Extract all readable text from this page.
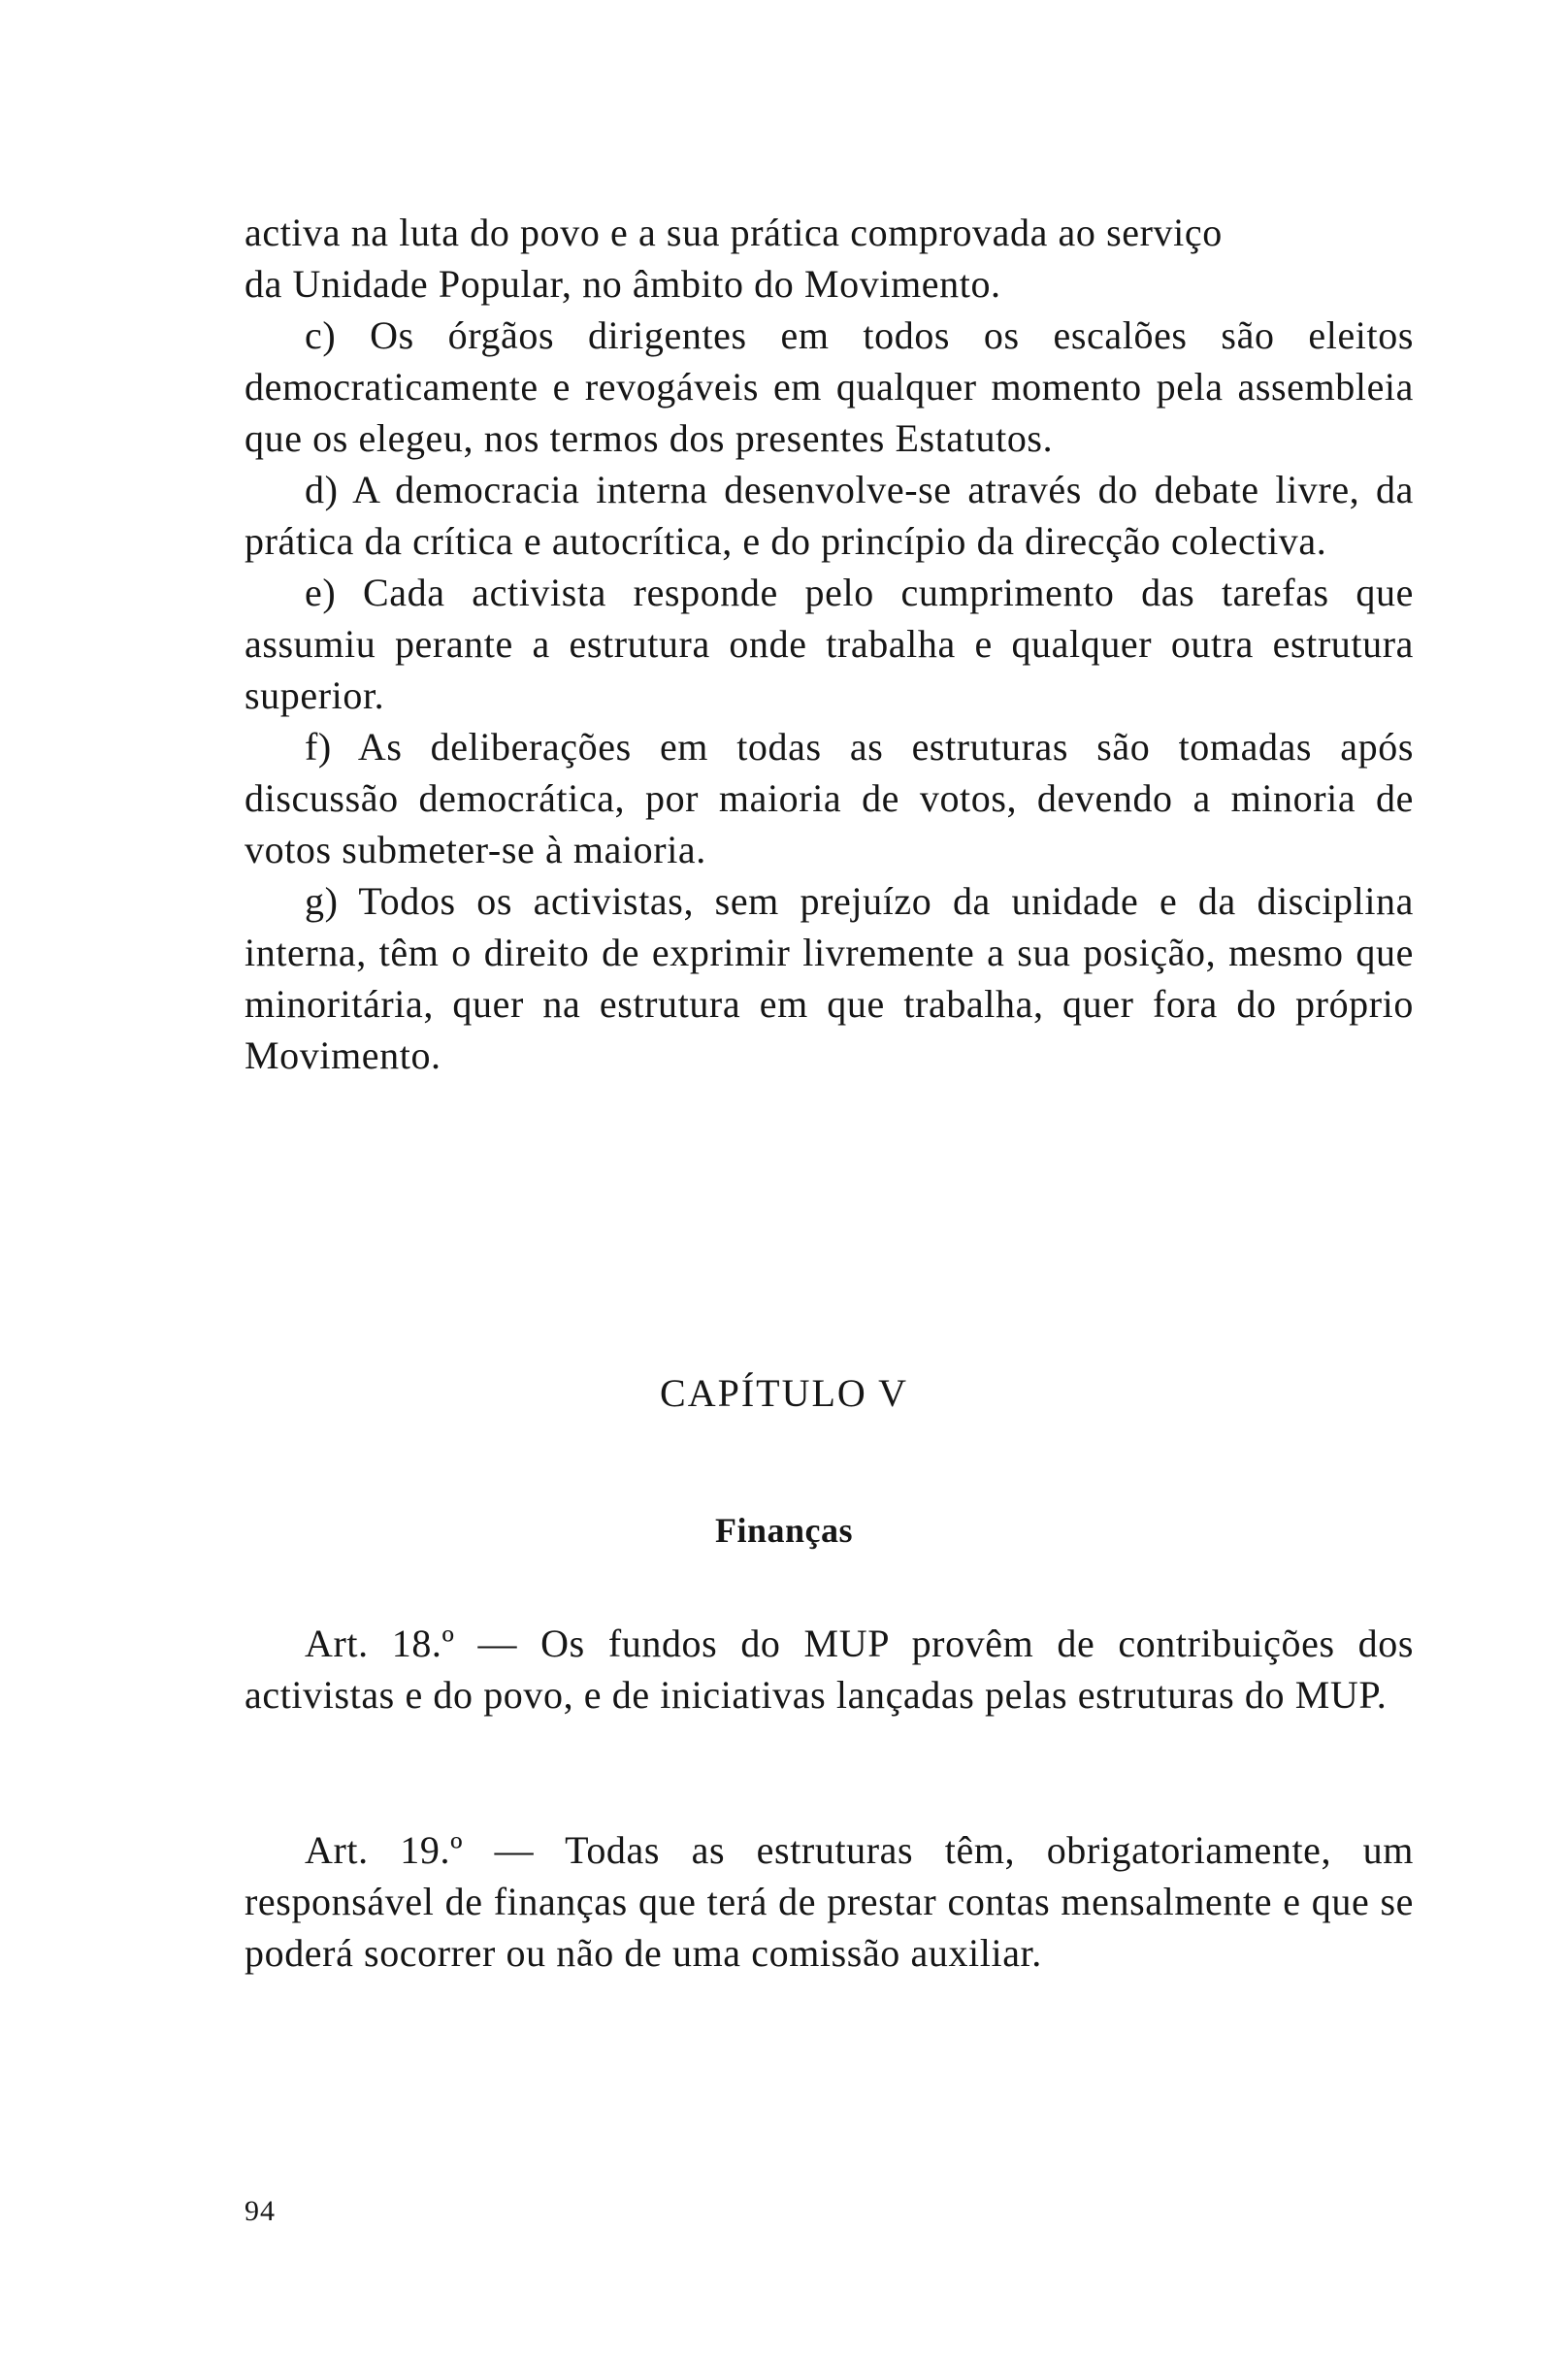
activa na luta do povo e a sua prática comprovada ao serviço
da Unidade Popular, no âmbito do Movimento.

c) Os órgãos dirigentes em todos os escalões são eleitos democraticamente e revogáveis em qualquer momento pela assembleia que os elegeu, nos termos dos presentes Estatutos.

d) A democracia interna desenvolve-se através do debate livre, da prática da crítica e autocrítica, e do princípio da direcção colectiva.

e) Cada activista responde pelo cumprimento das tarefas que assumiu perante a estrutura onde trabalha e qualquer outra estrutura superior.

f) As deliberações em todas as estruturas são tomadas após discussão democrática, por maioria de votos, devendo a minoria de votos submeter-se à maioria.

g) Todos os activistas, sem prejuízo da unidade e da disciplina interna, têm o direito de exprimir livremente a sua posição, mesmo que minoritária, quer na estrutura em que trabalha, quer fora do próprio Movimento.

CAPÍTULO V
Finanças

Art. 18.º — Os fundos do MUP provêm de contribuições dos activistas e do povo, e de iniciativas lançadas pelas estruturas do MUP.

Art. 19.º — Todas as estruturas têm, obrigatoriamente, um responsável de finanças que terá de prestar contas mensalmente e que se poderá socorrer ou não de uma comissão auxiliar.

94
